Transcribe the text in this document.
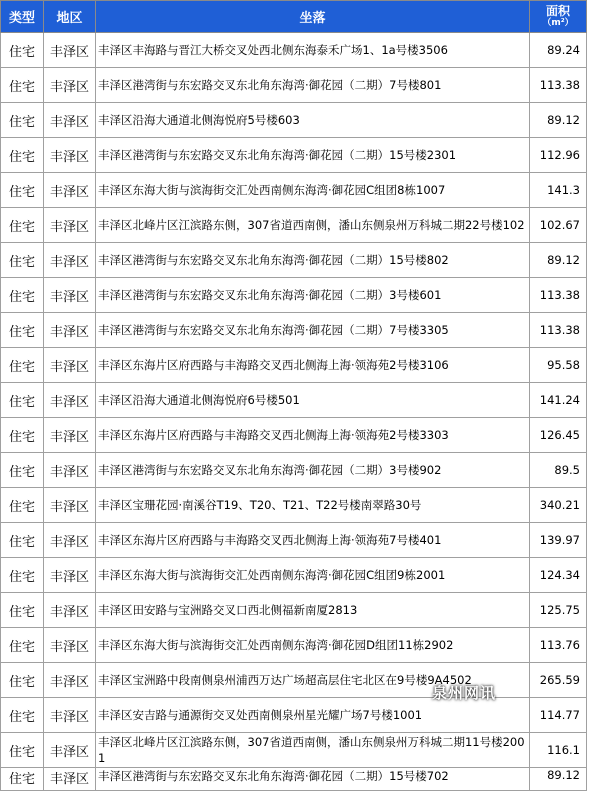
类型	地区	坐落	面积
（m²）

住宅	丰泽区	丰泽区丰海路与晋江大桥交叉处西北侧东海泰禾广场1、1a号楼3506	89.24
住宅	丰泽区	丰泽区港湾街与东宏路交叉东北角东海湾·御花园（二期）7号楼801	113.38
住宅	丰泽区	丰泽区沿海大通道北侧海悦府5号楼603	89.12
住宅	丰泽区	丰泽区港湾街与东宏路交叉东北角东海湾·御花园（二期）15号楼2301	112.96
住宅	丰泽区	丰泽区东海大街与滨海街交汇处西南侧东海湾·御花园C组团8栋1007	141.3
住宅	丰泽区	丰泽区北峰片区江滨路东侧，307省道西南侧，潘山东侧泉州万科城二期22号楼102	102.67
住宅	丰泽区	丰泽区港湾街与东宏路交叉东北角东海湾·御花园（二期）15号楼802	89.12
住宅	丰泽区	丰泽区港湾街与东宏路交叉东北角东海湾·御花园（二期）3号楼601	113.38
住宅	丰泽区	丰泽区港湾街与东宏路交叉东北角东海湾·御花园（二期）7号楼3305	113.38
住宅	丰泽区	丰泽区东海片区府西路与丰海路交叉西北侧海上海·领海苑2号楼3106	95.58
住宅	丰泽区	丰泽区沿海大通道北侧海悦府6号楼501	141.24
住宅	丰泽区	丰泽区东海片区府西路与丰海路交叉西北侧海上海·领海苑2号楼3303	126.45
住宅	丰泽区	丰泽区港湾街与东宏路交叉东北角东海湾·御花园（二期）3号楼902	89.5
住宅	丰泽区	丰泽区宝珊花园·南溪谷T19、T20、T21、T22号楼南翠路30号	340.21
住宅	丰泽区	丰泽区东海片区府西路与丰海路交叉西北侧海上海·领海苑7号楼401	139.97
住宅	丰泽区	丰泽区东海大街与滨海街交汇处西南侧东海湾·御花园C组团9栋2001	124.34
住宅	丰泽区	丰泽区田安路与宝洲路交叉口西北侧福新南厦2813	125.75
住宅	丰泽区	丰泽区东海大街与滨海街交汇处西南侧东海湾·御花园D组团11栋2902	113.76
住宅	丰泽区	丰泽区宝洲路中段南侧泉州浦西万达广场超高层住宅北区在9号楼9A4502	265.59
住宅	丰泽区	丰泽区安吉路与通源街交叉处西南侧泉州星光耀广场7号楼1001	114.77
住宅	丰泽区	丰泽区北峰片区江滨路东侧，307省道西南侧，潘山东侧泉州万科城二期11号楼2001	116.1
住宅	丰泽区	丰泽区港湾街与东宏路交叉东北角东海湾·御花园（二期）15号楼702	89.12
泉州网讯
